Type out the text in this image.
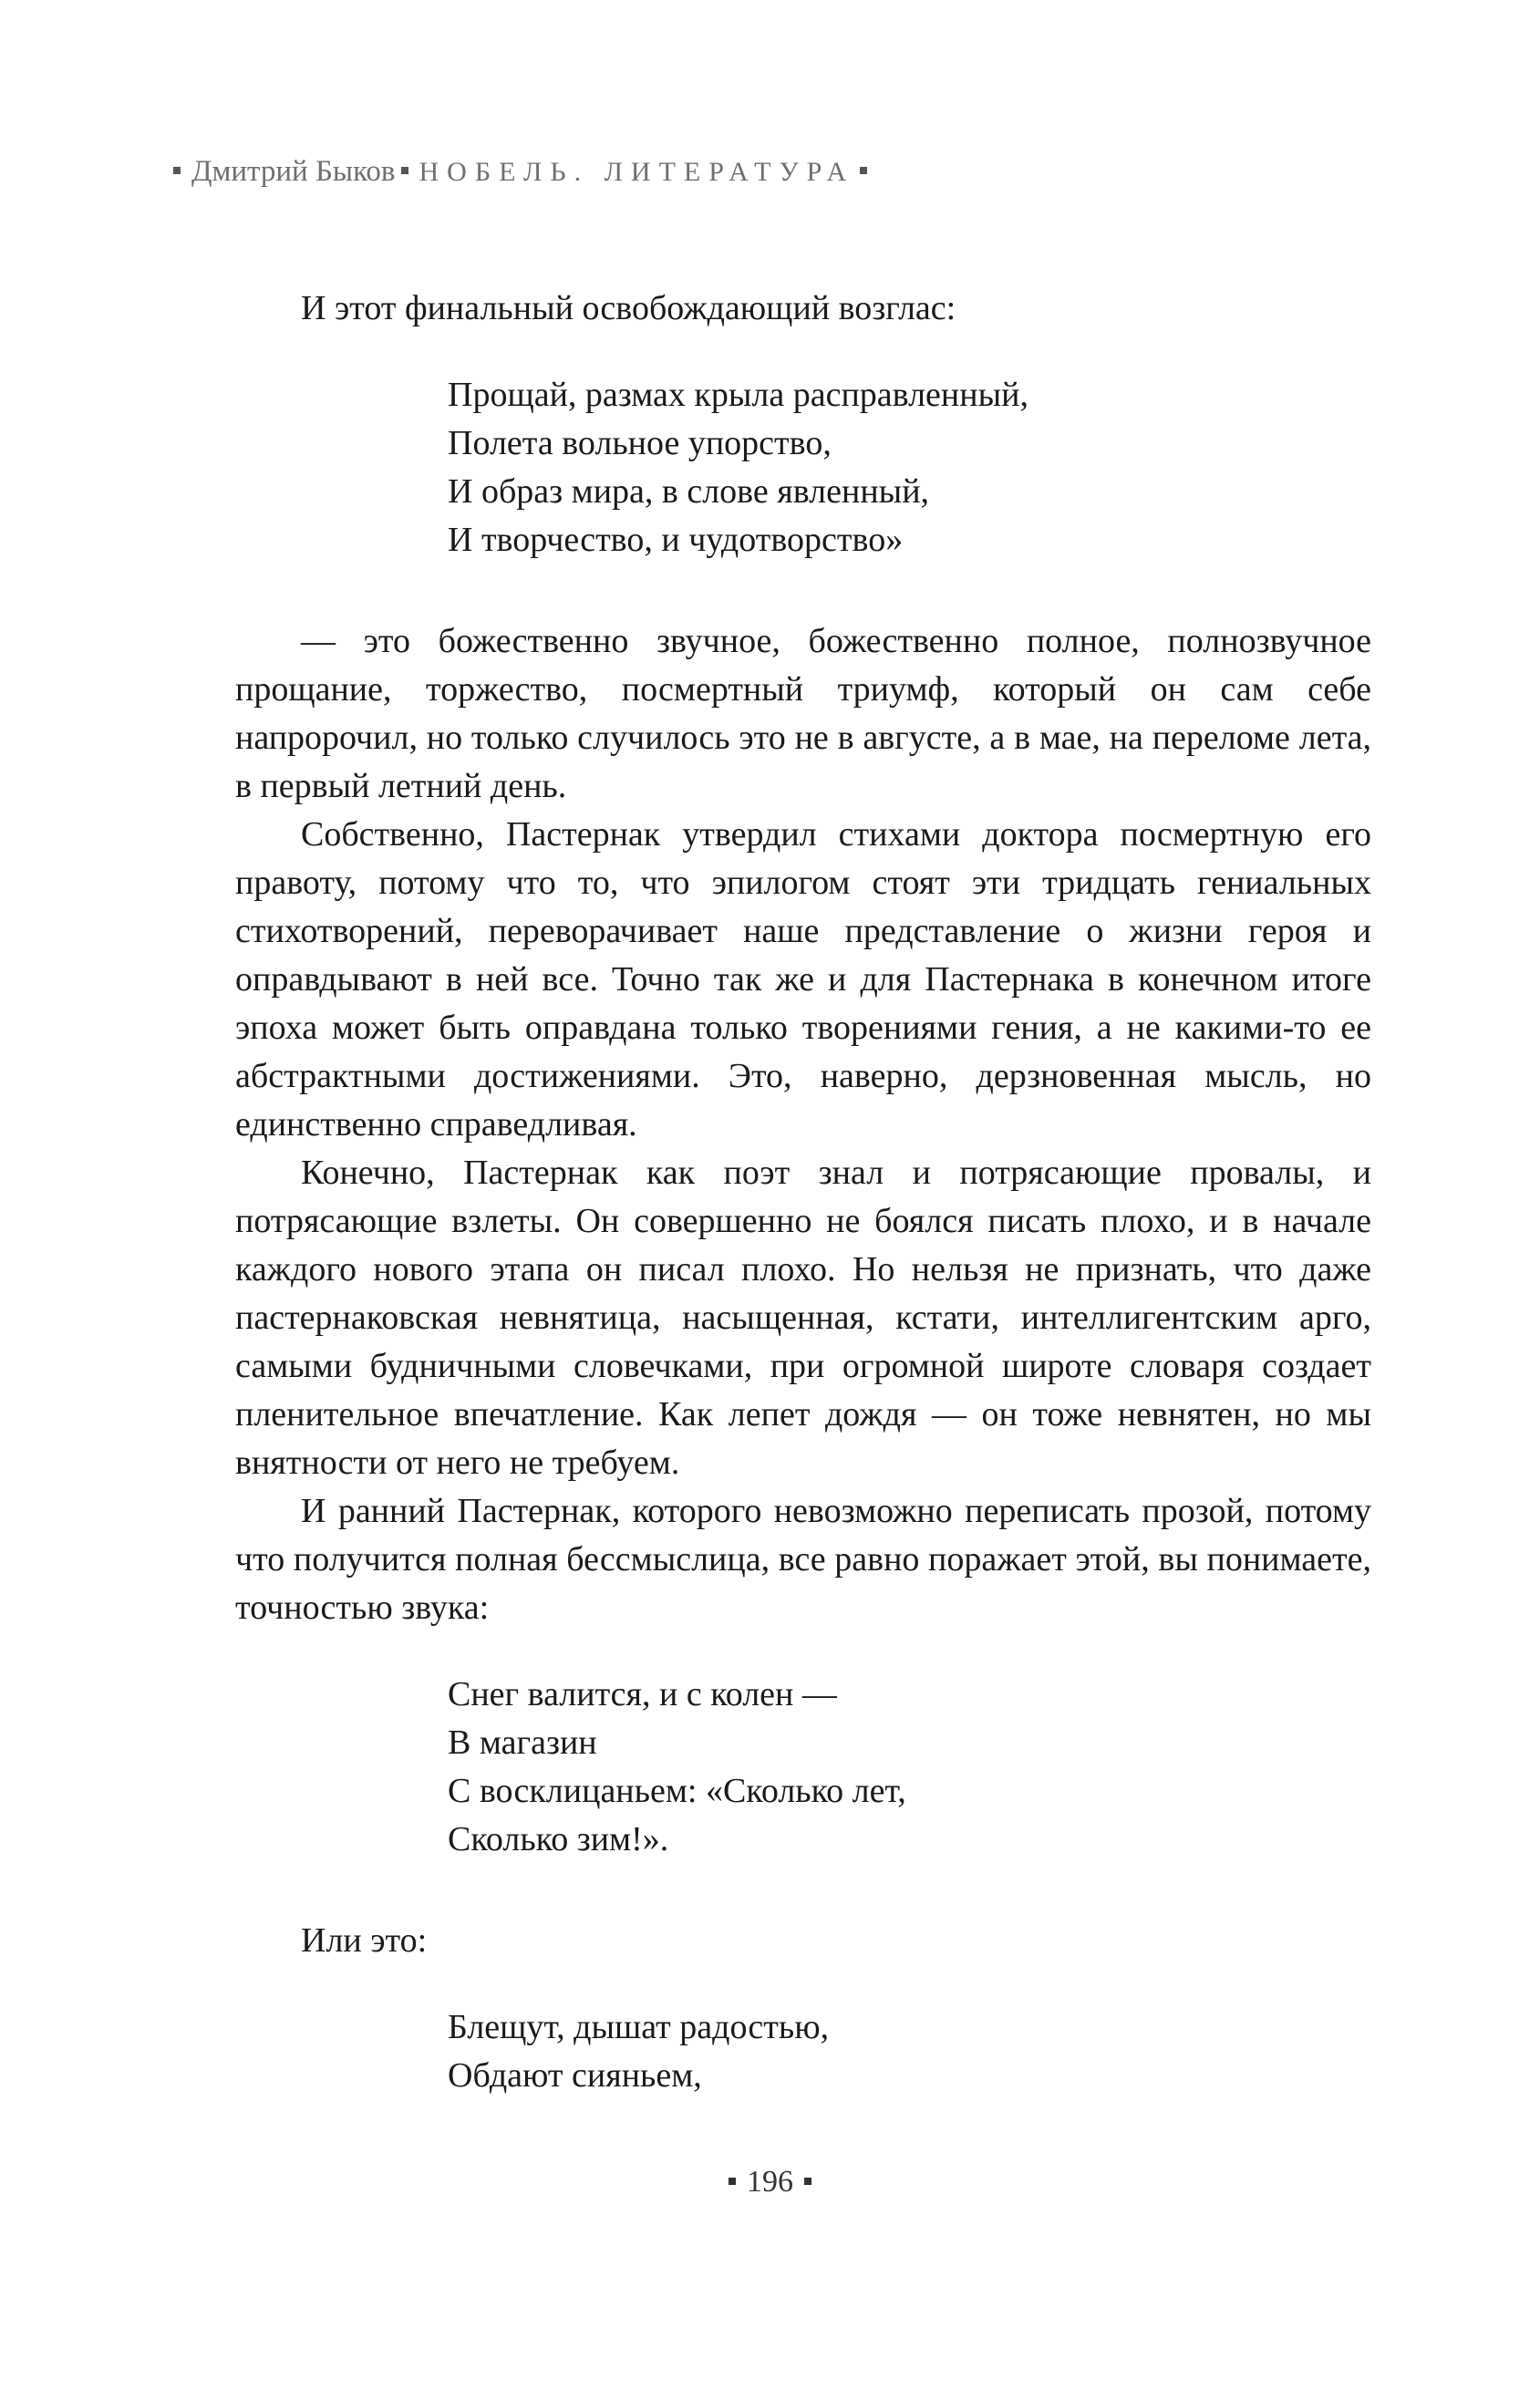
Дмитрий Быков НОБЕЛЬ. ЛИТЕРАТУРА

И этот финальный освобождающий возглас:

Прощай, размах крыла расправленный,
Полета вольное упорство,
И образ мира, в слове явленный,
И творчество, и чудотворство»

— это божественно звучное, божественно полное, полнозвучное прощание, торжество, посмертный триумф, который он сам себе напророчил, но только случилось это не в августе, а в мае, на переломе лета, в первый летний день.

Собственно, Пастернак утвердил стихами доктора посмертную его правоту, потому что то, что эпилогом стоят эти тридцать гениальных стихотворений, переворачивает наше представление о жизни героя и оправдывают в ней все. Точно так же и для Пастернака в конечном итоге эпоха может быть оправдана только творениями гения, а не какими-то ее абстрактными достижениями. Это, наверно, дерзновенная мысль, но единственно справедливая.

Конечно, Пастернак как поэт знал и потрясающие провалы, и потрясающие взлеты. Он совершенно не боялся писать плохо, и в начале каждого нового этапа он писал плохо. Но нельзя не признать, что даже пастернаковская невнятица, насыщенная, кстати, интеллигентским арго, самыми будничными словечками, при огромной широте словаря создает пленительное впечатление. Как лепет дождя — он тоже невнятен, но мы внятности от него не требуем.

И ранний Пастернак, которого невозможно переписать прозой, потому что получится полная бессмыслица, все равно поражает этой, вы понимаете, точностью звука:

Снег валится, и с колен —
В магазин
С восклицаньем: «Сколько лет,
Сколько зим!».

Или это:

Блещут, дышат радостью,
Обдают сияньем,
196
